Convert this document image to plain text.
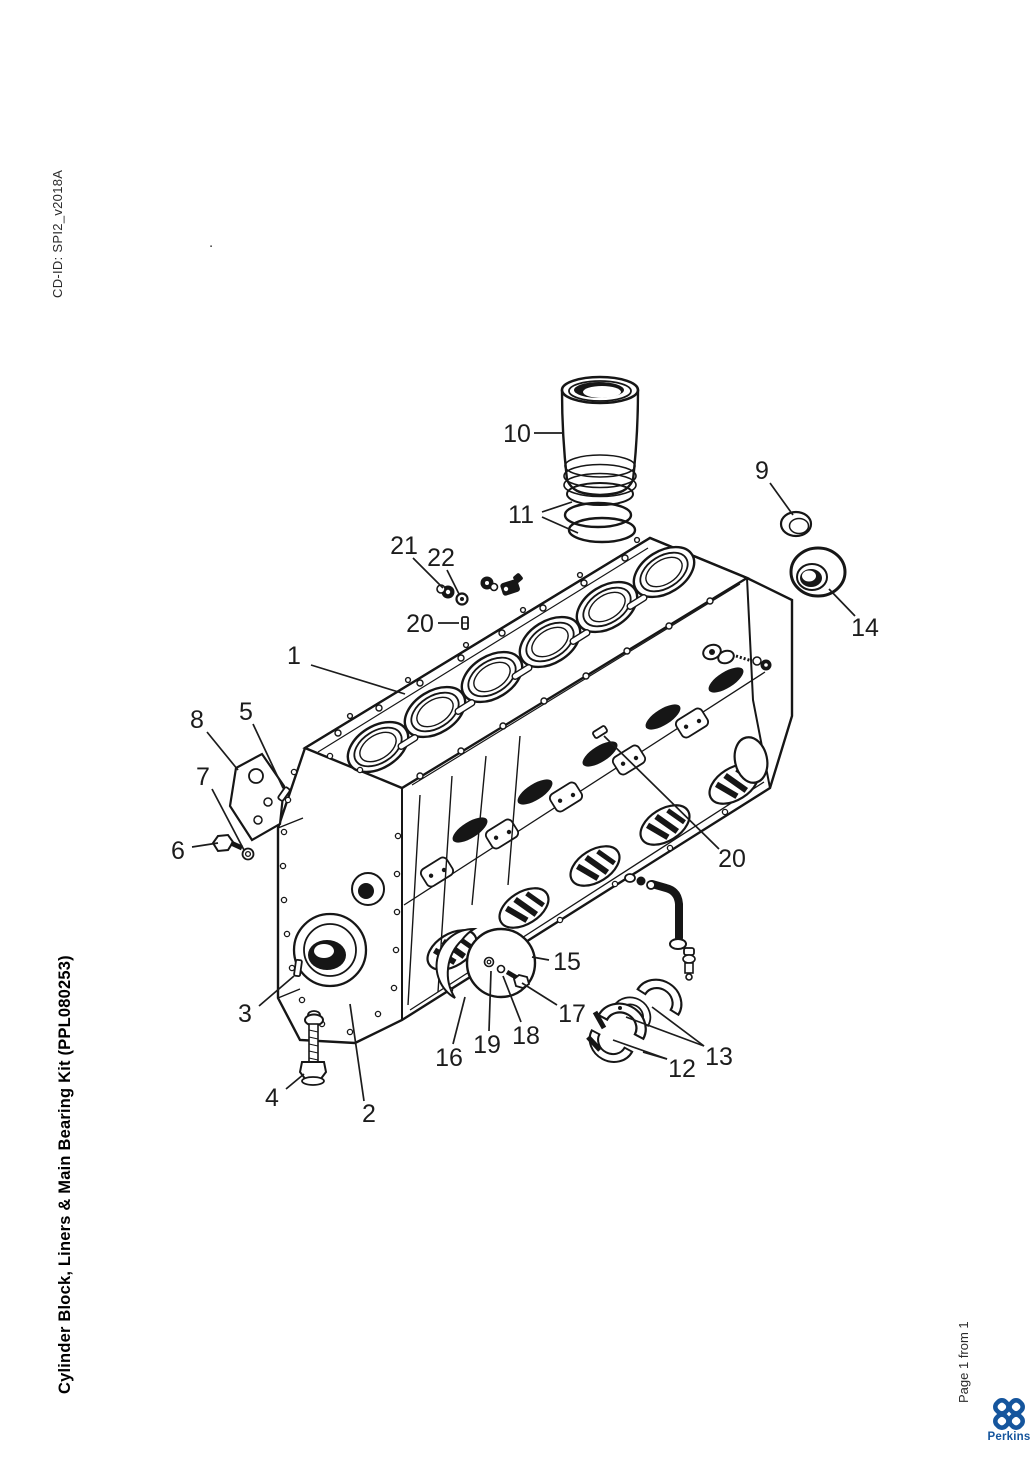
CD-ID: SPI2_v2018A
Cylinder Block, Liners & Main Bearing Kit (PPL080253)	Page 1 from 1
.
1
2
3
4
5
6
7
8
9
10
11
12 13
14
15
16
17
18
19
20
20
21 22
Perkins
